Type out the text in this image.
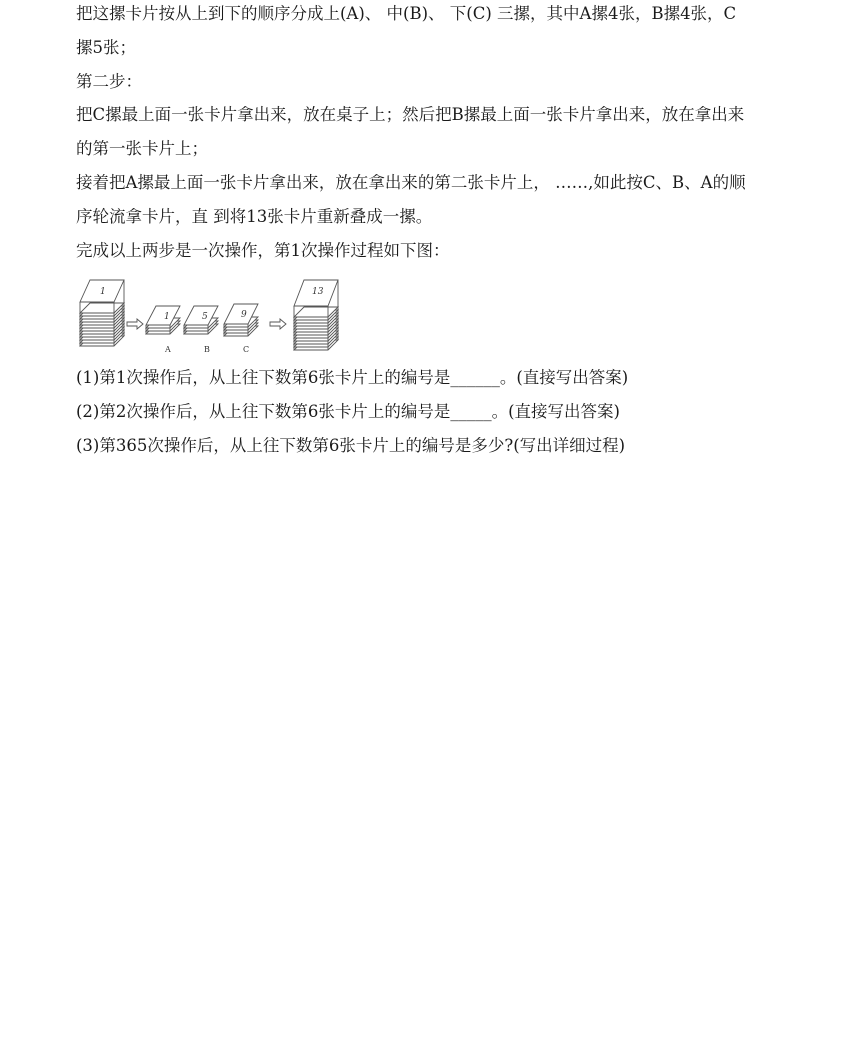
把这摞卡片按从上到下的顺序分成上(A)、 中(B)、 下(C) 三摞，其中A摞4张，B摞4张，C
摞5张；
第二步：
把C摞最上面一张卡片拿出来，放在桌子上；然后把B摞最上面一张卡片拿出来，放在拿出来
的第一张卡片上；
接着把A摞最上面一张卡片拿出来，放在拿出来的第二张卡片上， ……,如此按C、B、A的顺
序轮流拿卡片，直 到将13张卡片重新叠成一摞。
完成以上两步是一次操作，第1次操作过程如下图：
1
1	5	9
A	B	C
13
(1)第1次操作后，从上往下数第6张卡片上的编号是______。(直接写出答案)
(2)第2次操作后，从上往下数第6张卡片上的编号是_____。(直接写出答案)
(3)第365次操作后，从上往下数第6张卡片上的编号是多少?(写出详细过程)
